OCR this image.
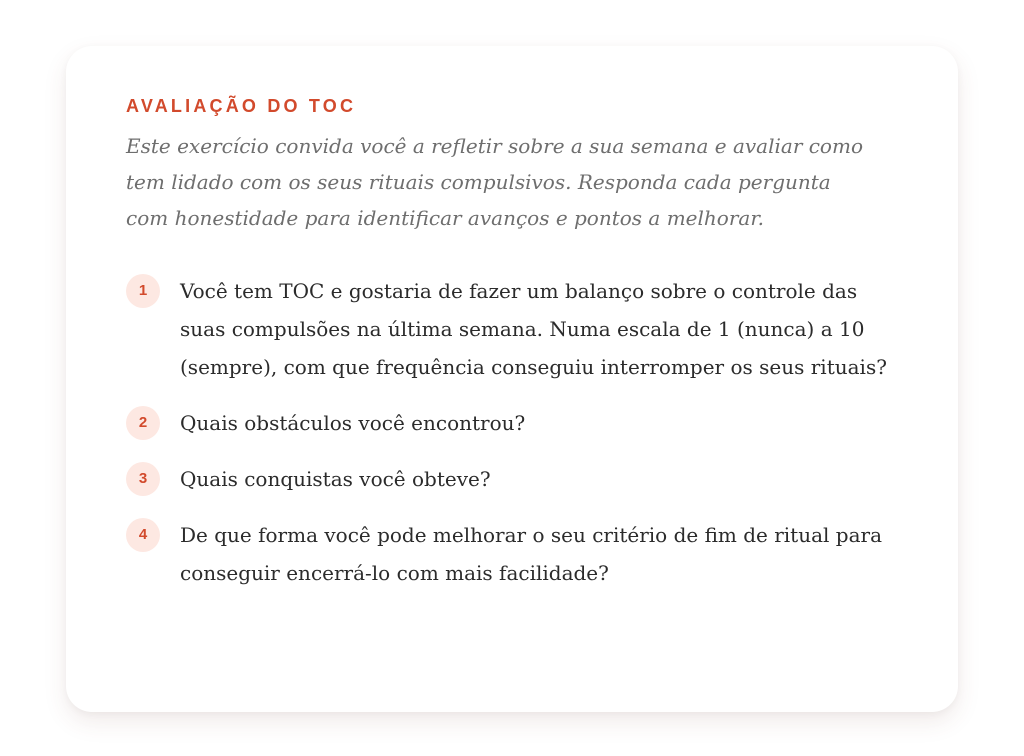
AVALIAÇÃO DO TOC

Este exercício convida você a refletir sobre a sua semana e avaliar como tem lidado com os seus rituais compulsivos. Responda cada pergunta com honestidade para identificar avanços e pontos a melhorar.

1	Você tem TOC e gostaria de fazer um balanço sobre o controle das suas compulsões na última semana. Numa escala de 1 (nunca) a 10 (sempre), com que frequência conseguiu interromper os seus rituais?
2	Quais obstáculos você encontrou?
3	Quais conquistas você obteve?
4	De que forma você pode melhorar o seu critério de fim de ritual para conseguir encerrá-lo com mais facilidade?
